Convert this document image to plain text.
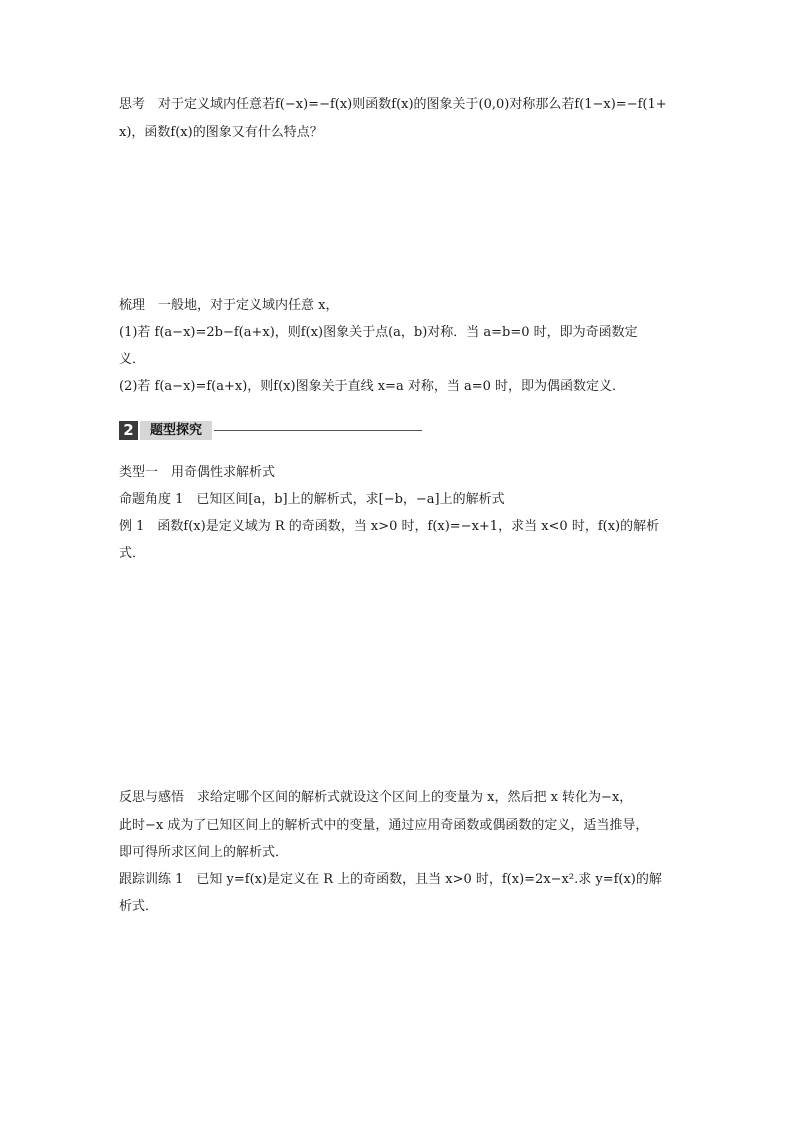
思考　对于定义域内任意若f(−x)=−f(x)则函数f(x)的图象关于(0,0)对称那么若f(1−x)=−f(1+
x)，函数f(x)的图象又有什么特点？
梳理　一般地，对于定义域内任意 x，
(1)若 f(a−x)=2b−f(a+x)，则f(x)图象关于点(a，b)对称．当 a=b=0 时，即为奇函数定
义．
(2)若 f(a−x)=f(a+x)，则f(x)图象关于直线 x=a 对称，当 a=0 时，即为偶函数定义．
2	题型探究
类型一　用奇偶性求解析式
命题角度 1　已知区间[a，b]上的解析式，求[−b，−a]上的解析式
例 1　函数f(x)是定义域为 R 的奇函数，当 x>0 时，f(x)=−x+1，求当 x<0 时，f(x)的解析
式．
反思与感悟　求给定哪个区间的解析式就设这个区间上的变量为 x，然后把 x 转化为−x，
此时−x 成为了已知区间上的解析式中的变量，通过应用奇函数或偶函数的定义，适当推导，
即可得所求区间上的解析式．
跟踪训练 1　已知 y=f(x)是定义在 R 上的奇函数，且当 x>0 时，f(x)=2x−x².求 y=f(x)的解
析式．
